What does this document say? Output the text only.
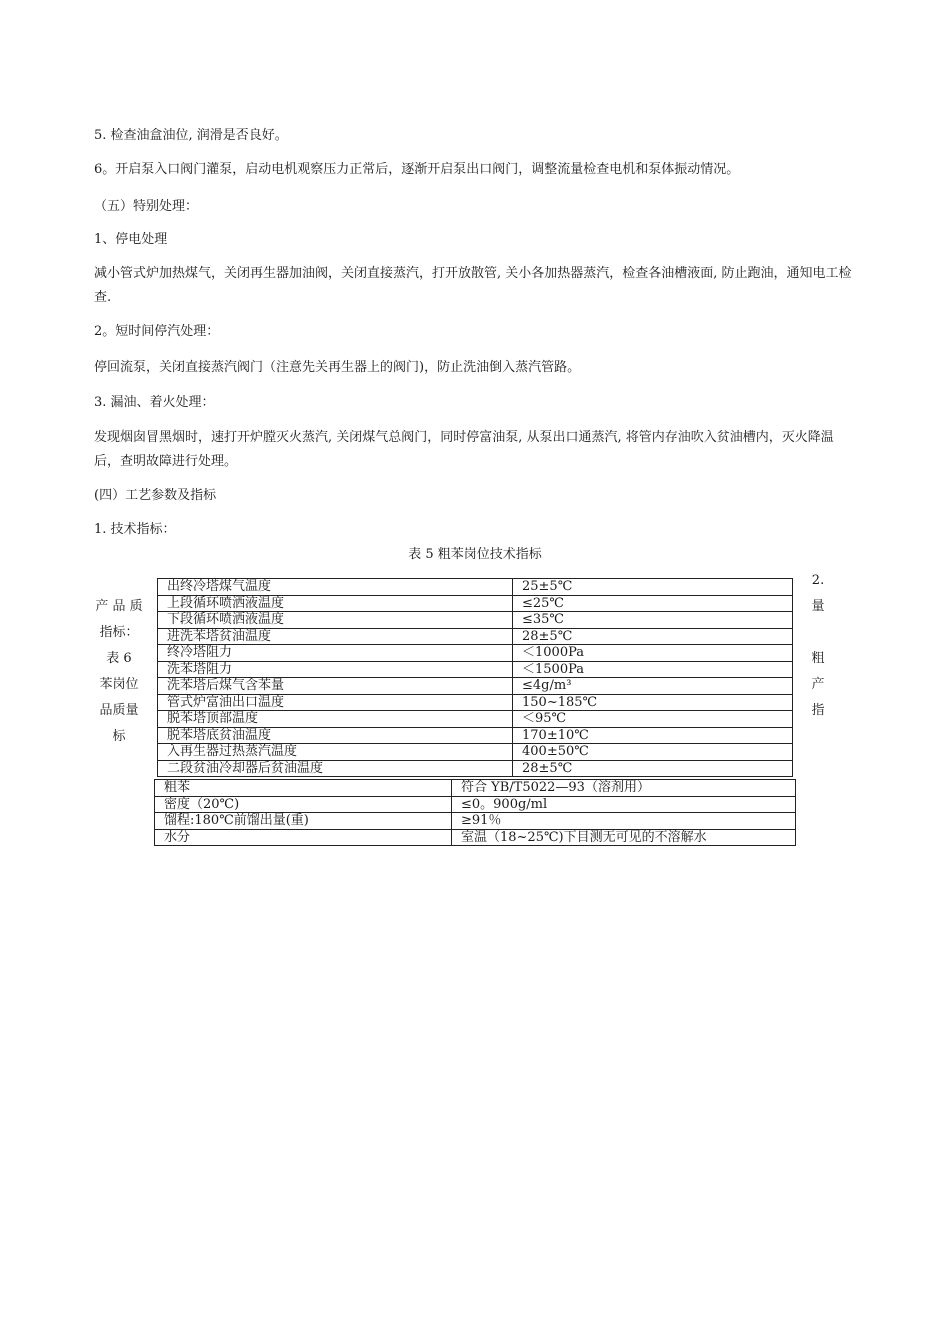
5. 检查油盒油位, 润滑是否良好。

6。开启泵入口阀门灌泵，启动电机观察压力正常后，逐渐开启泵出口阀门，调整流量检查电机和泵体振动情况。

（五）特别处理：

1、停电处理

减小管式炉加热煤气，关闭再生器加油阀，关闭直接蒸汽，打开放散管, 关小各加热器蒸汽，检查各油槽液面, 防止跑油，通知电工检查.

2。短时间停汽处理：

停回流泵，关闭直接蒸汽阀门（注意先关再生器上的阀门)，防止洗油倒入蒸汽管路。

3. 漏油、着火处理：

发现烟囱冒黑烟时，速打开炉膛灭火蒸汽, 关闭煤气总阀门，同时停富油泵, 从泵出口通蒸汽, 将管内存油吹入贫油槽内，灭火降温后，查明故障进行处理。

(四）工艺参数及指标

1. 技术指标：

表 5 粗苯岗位技术指标
产 品 质
指标：
表 6
苯岗位
品质量
标
2.
量

粗
产
指
出终冷塔煤气温度	25±5℃
上段循环喷洒液温度	≤25℃
下段循环喷洒液温度	≤35℃
进洗苯塔贫油温度	28±5℃
终冷塔阻力	＜1000Pa
洗苯塔阻力	＜1500Pa
洗苯塔后煤气含苯量	≤4g/m³
管式炉富油出口温度	150~185℃
脱苯塔顶部温度	＜95℃
脱苯塔底贫油温度	170±10℃
入再生器过热蒸汽温度	400±50℃
二段贫油冷却器后贫油温度	28±5℃
粗苯	符合 YB/T5022—93（溶剂用）
密度（20℃)	≤0。900g/ml
馏程:180℃前馏出量(重)	≥91％
水分	室温（18~25℃)下目测无可见的不溶解水
